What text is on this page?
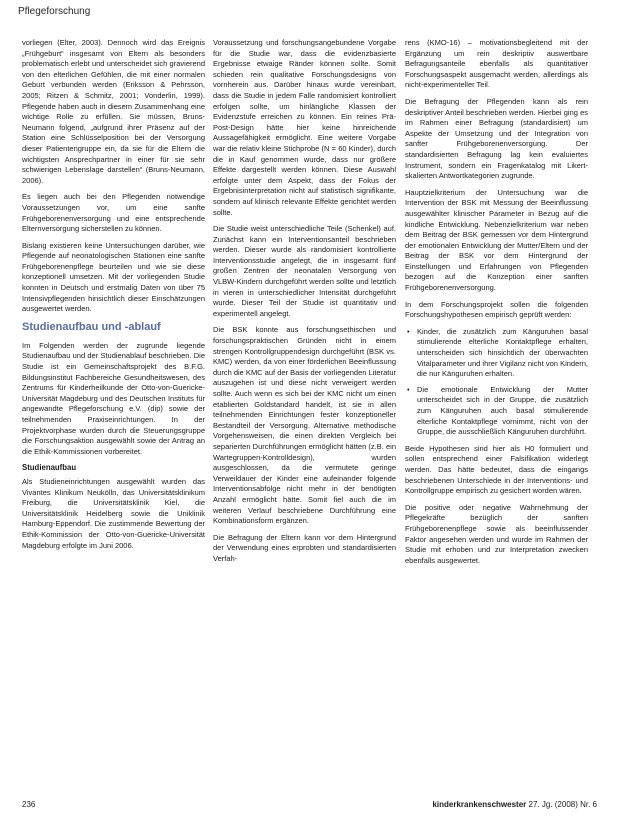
Pflegeforschung

vorliegen (Elter, 2003). Dennoch wird das Ereignis „Frühgeburt“ insgesamt von Eltern als besonders problematisch erlebt und unterscheidet sich gravierend von den elterlichen Gefühlen, die mit einer normalen Geburt verbunden werden (Eriksson & Pehrsson, 2005; Ritzen & Schmitz, 2001; Vonderlin, 1999). Pflegende haben auch in diesem Zusammenhang eine wichtige Rolle zu erfüllen. Sie müssen, Bruns-Neumann folgend, „aufgrund ihrer Präsenz auf der Station eine Schlüsselposition bei der Versorgung dieser Patientengruppe ein, da sie für die Eltern die wichtigsten Ansprechpartner in einer für sie sehr schwierigen Lebenslage darstellen“ (Bruns-Neumann, 2006).

Es liegen auch bei den Pflegenden notwendige Voraussetzungen vor, um eine sanfte Frühgeborenenversorgung und eine entsprechende Elternversorgung sicherstellen zu können.

Bislang existieren keine Untersuchungen darüber, wie Pflegende auf neonatologischen Stationen eine sanfte Frühgeborenenpflege beurteilen und wie sie diese konzeptionell umsetzen. Mit der vorliegenden Studie konnten in Deutsch und erstmalig Daten von über 75 Intensivpflegenden hinsichtlich dieser Einschätzungen ausgewertet werden.

Studienaufbau und -ablauf

Im Folgenden werden der zugrunde liegende Studienaufbau und der Studienablauf beschrieben. Die Studie ist ein Gemeinschaftsprojekt des B.F.G. Bildungsinstitut Fachbereiche Gesundheitswesen, des Zentrums für Kinderheilkunde der Otto-von-Guericke-Universität Magdeburg und des Deutschen Instituts für angewandte Pflegeforschung e.V. (dip) sowie der teilnehmenden Praxiseinrichtungen. In der Projektvorphase wurden durch die Steuerungsgruppe die Forschungsaktion ausgewählt sowie der Antrag an die Ethik-Kommissionen vorbereitet.

Studienaufbau

Als Studieneinrichtungen ausgewählt wurden das Vivantes Klinikum Neukölln, das Universitätsklinikum Freiburg, die Universitätsklinik Kiel, die Universitätsklinik Heidelberg sowie die Uniklinik Hamburg-Eppendorf. Die zustimmende Bewertung der Ethik-Kommission der Otto-von-Guericke-Universität Magdeburg erfolgte im Juni 2006.

Voraussetzung und forschungsangebundene Vorgabe für die Studie war, dass die evidenzbasierte Ergebnisse etwaige Ränder können sollte. Somit schieden rein qualitative Forschungsdesigns von vornherein aus. Darüber hinaus wurde vereinbart, dass die Studie in jedem Falle randomisiert kontrolliert erfolgen sollte, um hinlängliche Klassen der Evidenzstufe erreichen zu können. Ein reines Prä-Post-Design hätte hier keine hinreichende Aussagefähigkeit ermöglicht. Eine weitere Vorgabe war die relativ kleine Stichprobe (N = 60 Kinder), durch die in Kauf genommen wurde, dass nur größere Effekte dargestellt werden können. Diese Auswahl erfolgte unter dem Aspekt, dass der Fokus der Ergebnisinterpretation nicht auf statistisch signifikante, sondern auf klinisch relevante Effekte gerichtet werden sollte.

Die Studie weist unterschiedliche Teile (Schenkel) auf. Zunächst kann ein Interventionsanteil beschrieben werden. Dieser wurde als randomisiert kontrollierte Interventionsstudie angelegt, die in insgesamt fünf großen Zentren der neonatalen Versorgung von VLBW-Kindern durchgeführt werden sollte und letztlich in vieren in unterschiedlicher Intensität durchgeführt wurde. Dieser Teil der Studie ist quantitativ und experimentell angelegt.

Die BSK konnte aus forschungsethischen und forschungspraktischen Gründen nicht in einem strengen Kontrollgruppendesign durchgeführt (BSK vs. KMC) werden, da von einer förderlichen Beeinflussung durch die KMC auf der Basis der vorliegenden Literatur auszugehen ist und diese nicht verweigert werden sollte. Auch wenn es sich bei der KMC nicht um einen etablierten Goldstandard handelt, ist sie in allen teilnehmenden Einrichtungen fester konzeptioneller Bestandteil der Versorgung. Alternative methodische Vorgehensweisen, die einen direkten Vergleich bei separierten Durchführungen ermöglicht hätten (z.B. ein Wartegruppen-Kontrolldesign), wurden ausgeschlossen, da die vermutete geringe Verweildauer der Kinder eine aufeinander folgende Interventionsabfolge nicht mehr in der benötigten Anzahl ermöglicht hätte. Somit fiel auch die im weiteren Verlauf beschriebene Durchführung eine Kombinationsform ergänzen.

Die Befragung der Eltern kann vor dem Hintergrund der Verwendung eines erprobten und standardisierten Verfah-

rens (KMO-16) – motivationsbegleitend mit der Ergänzung um rein deskriptiv auswertbare Befragungsanteile ebenfalls als quantitativer Forschungsaspekt ausgemacht werden, allerdings als nicht-experimenteller Teil.

Die Befragung der Pflegenden kann als rein deskriptiver Anteil beschrieben werden. Hierbei ging es im Rahmen einer Befragung (standardisiert) um Aspekte der Umsetzung und der Integration von sanfter Frühgeborenenversorgung. Der standardisierten Befragung lag kein evaluiertes Instrument, sondern ein Fragenkatalog mit Likert-skalierten Antwortkategorien zugrunde.

Hauptzielkriterium der Untersuchung war die Intervention der BSK mit Messung der Beeinflussung ausgewählter klinischer Parameter in Bezug auf die kindliche Entwicklung. Nebenzielkriterium war neben dem Beitrag der BSK gemessen vor dem Hintergrund der emotionalen Entwicklung der Mutter/Eltern und der Beitrag der BSK vor dem Hintergrund der Einstellungen und Erfahrungen von Pflegenden bezogen auf die Konzeption einer sanften Frühgeborenenversorgung.

In dem Forschungsprojekt sollen die folgenden Forschungshypothesen empirisch geprüft werden:

• Kinder, die zusätzlich zum Känguruhen basal stimulierende elterliche Kontaktpflege erhalten, unterscheiden sich hinsichtlich der überwachten Vitalparameter und ihrer Vigilanz nicht von Kindern, die nur Känguruhen erhalten.
• Die emotionale Entwicklung der Mutter unterscheidet sich in der Gruppe, die zusätzlich zum Känguruhen auch basal stimulierende elterliche Kontaktpflege vornimmt, nicht von der Gruppe, die ausschließlich Känguruhen durchführt.

Beide Hypothesen sind hier als H0 formuliert und sollen entsprechend einer Falsifikation widerlegt werden. Das hätte bedeutet, dass die eingangs beschriebenen Unterschiede in der Interventions- und Kontrollgruppe empirisch zu gesichert worden wären.

Die positive oder negative Wahrnehmung der Pflegekräfte bezüglich der sanften Frühgeborenenpflege sowie als beeinflussender Faktor angesehen werden und wurde im Rahmen der Studie mit erhoben und zur Interpretation zwecken ebenfalls ausgewertet.

236	kinderkrankenschwester 27. Jg. (2008) Nr. 6
